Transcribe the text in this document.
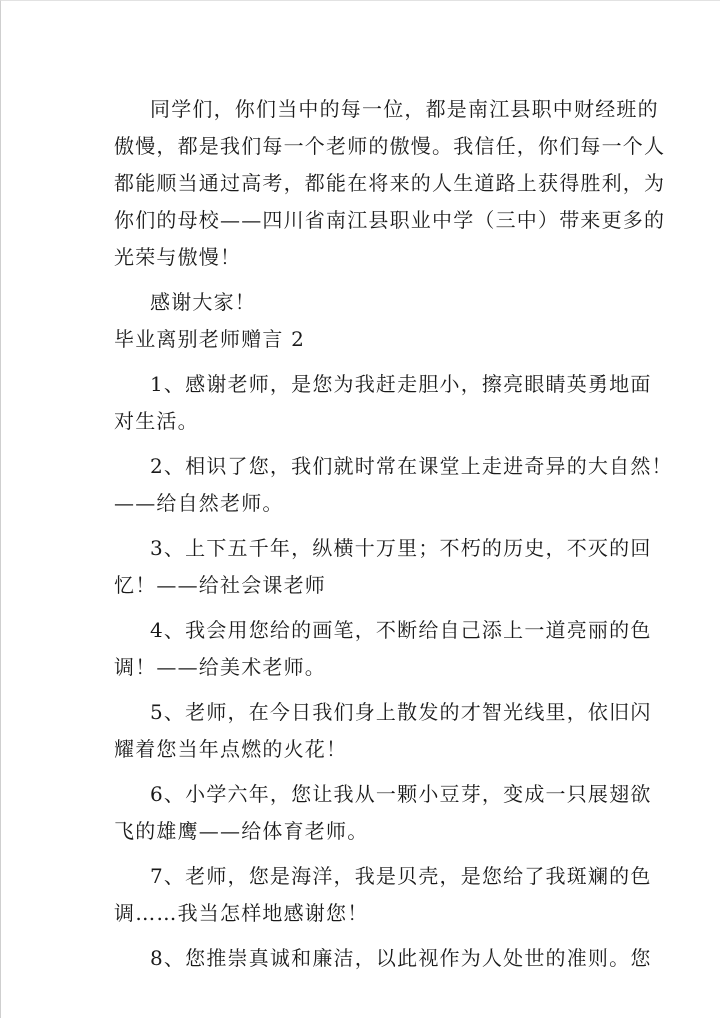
同学们，你们当中的每一位，都是南江县职中财经班的
傲慢，都是我们每一个老师的傲慢。我信任，你们每一个人
都能顺当通过高考，都能在将来的人生道路上获得胜利，为
你们的母校——四川省南江县职业中学（三中）带来更多的
光荣与傲慢！
感谢大家！
毕业离别老师赠言 2
1、感谢老师，是您为我赶走胆小，擦亮眼睛英勇地面
对生活。
2、相识了您，我们就时常在课堂上走进奇异的大自然！
——给自然老师。
3、上下五千年，纵横十万里；不朽的历史，不灭的回
忆！——给社会课老师
4、我会用您给的画笔，不断给自己添上一道亮丽的色
调！——给美术老师。
5、老师，在今日我们身上散发的才智光线里，依旧闪
耀着您当年点燃的火花！
6、小学六年，您让我从一颗小豆芽，变成一只展翅欲
飞的雄鹰——给体育老师。
7、老师，您是海洋，我是贝壳，是您给了我斑斓的色
调……我当怎样地感谢您！
8、您推崇真诚和廉洁，以此视作为人处世的准则。您
